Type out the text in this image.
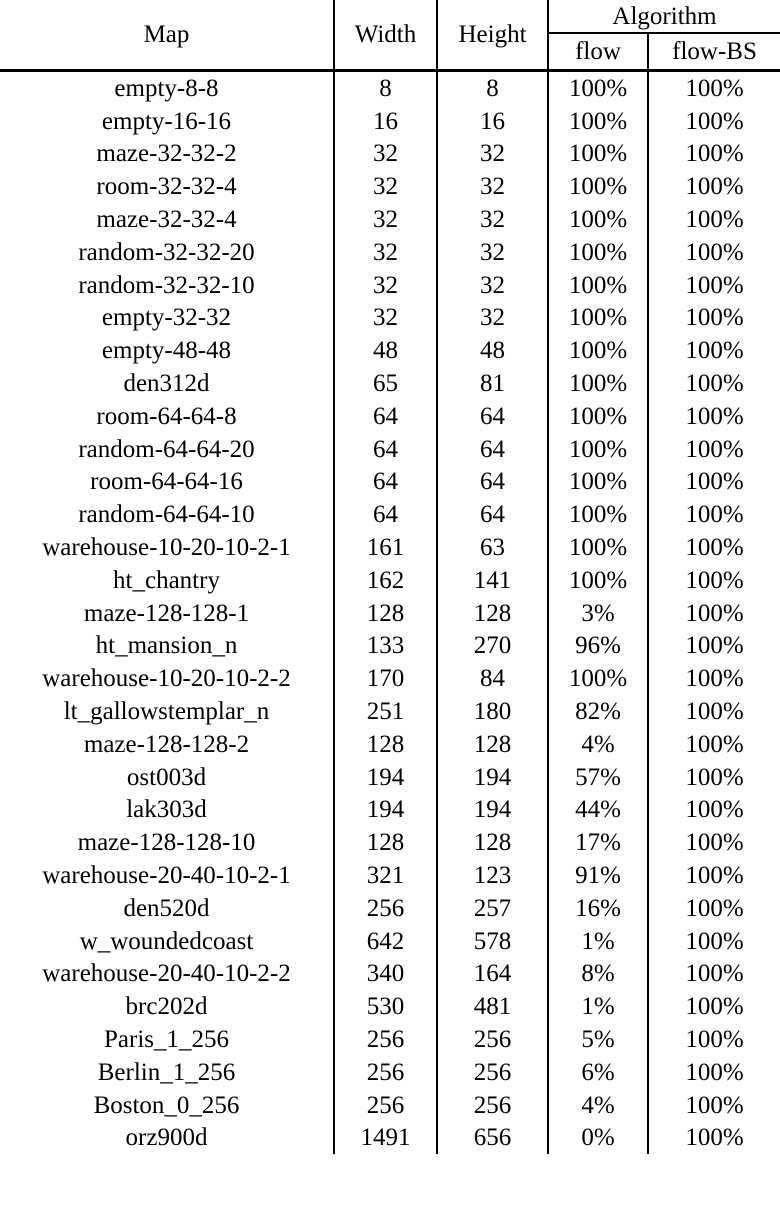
Map	Width	Height	Algorithm	

			flow	flow-BS

empty-8-8	8	8	100%	100%
empty-16-16	16	16	100%	100%
maze-32-32-2	32	32	100%	100%
room-32-32-4	32	32	100%	100%
maze-32-32-4	32	32	100%	100%
random-32-32-20	32	32	100%	100%
random-32-32-10	32	32	100%	100%
empty-32-32	32	32	100%	100%
empty-48-48	48	48	100%	100%
den312d	65	81	100%	100%
room-64-64-8	64	64	100%	100%
random-64-64-20	64	64	100%	100%
room-64-64-16	64	64	100%	100%
random-64-64-10	64	64	100%	100%
warehouse-10-20-10-2-1	161	63	100%	100%
ht_chantry	162	141	100%	100%
maze-128-128-1	128	128	3%	100%
ht_mansion_n	133	270	96%	100%
warehouse-10-20-10-2-2	170	84	100%	100%
lt_gallowstemplar_n	251	180	82%	100%
maze-128-128-2	128	128	4%	100%
ost003d	194	194	57%	100%
lak303d	194	194	44%	100%
maze-128-128-10	128	128	17%	100%
warehouse-20-40-10-2-1	321	123	91%	100%
den520d	256	257	16%	100%
w_woundedcoast	642	578	1%	100%
warehouse-20-40-10-2-2	340	164	8%	100%
brc202d	530	481	1%	100%
Paris_1_256	256	256	5%	100%
Berlin_1_256	256	256	6%	100%
Boston_0_256	256	256	4%	100%
orz900d	1491	656	0%	100%
